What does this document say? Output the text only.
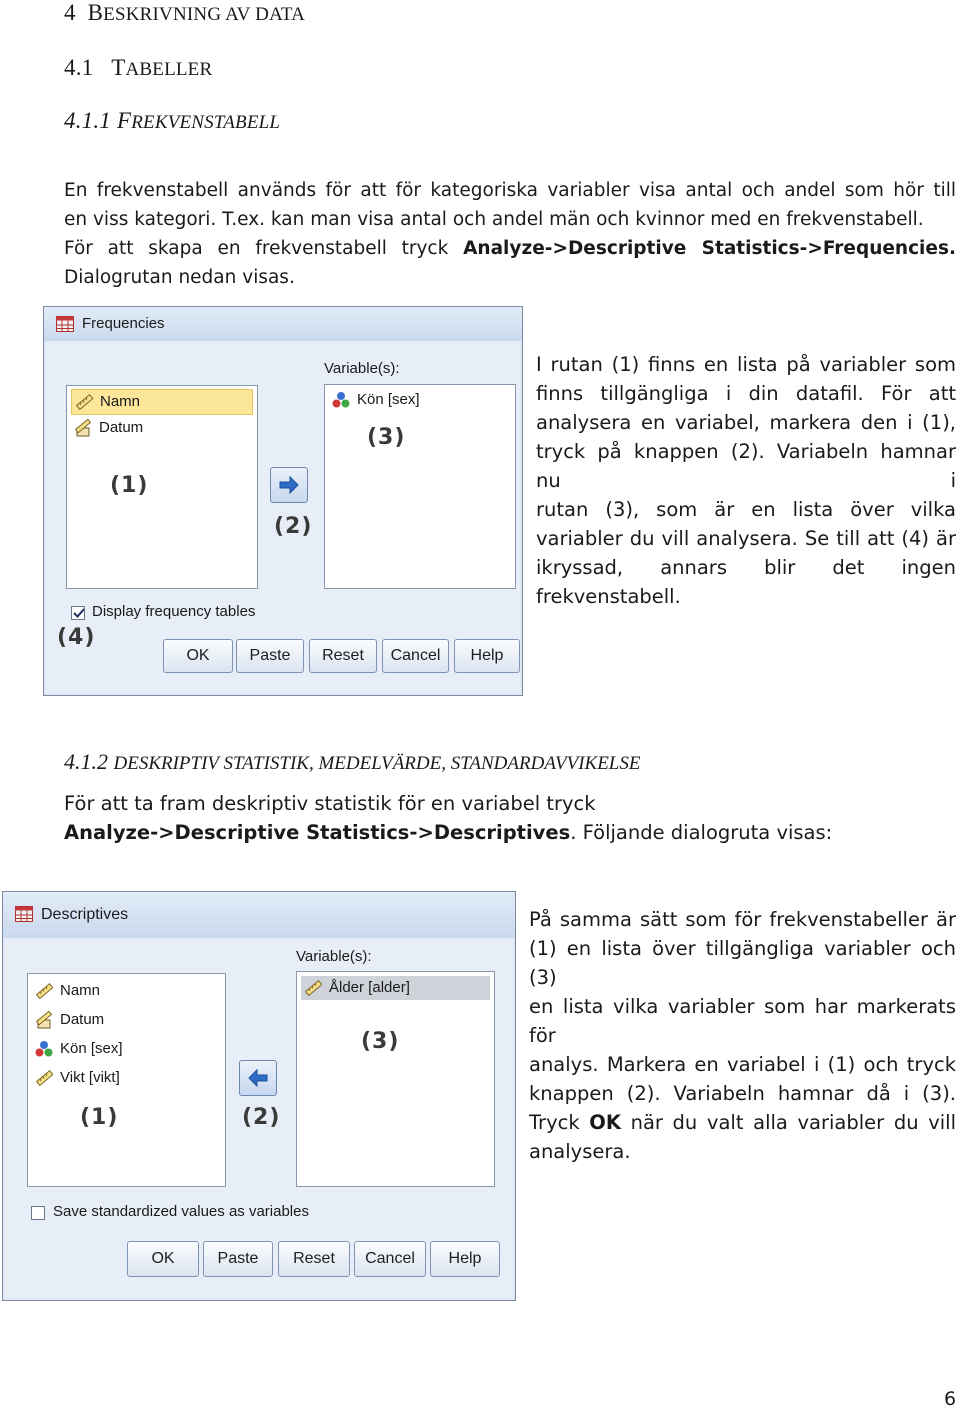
4 BESKRIVNING AV DATA
4.1 TABELLER
4.1.1 FREKVENSTABELL
En frekvenstabell används för att för kategoriska variabler visa antal och andel som hör till
en viss kategori. T.ex. kan man visa antal och andel män och kvinnor med en frekvenstabell.
För att skapa en frekvenstabell tryck Analyze->Descriptive Statistics->Frequencies.
Dialogrutan nedan visas.
Frequencies
Namn
Datum
(1)
(2)
Variable(s):
Kön [sex]
(3)
Display frequency tables
(4)
OK	Paste	Reset	Cancel	Help
I rutan (1) finns en lista på variabler som
finns tillgängliga i din datafil. För att
analysera en variabel, markera den i (1),
tryck på knappen (2). Variabeln hamnar nu i
rutan (3), som är en lista över vilka
variabler du vill analysera. Se till att (4) är
ikryssad, annars blir det ingen
frekvenstabell.
4.1.2 DESKRIPTIV STATISTIK, MEDELVÄRDE, STANDARDAVVIKELSE
För att ta fram deskriptiv statistik för en variabel tryck
Analyze->Descriptive Statistics->Descriptives. Följande dialogruta visas:
Descriptives
Namn
Datum
Kön [sex]
Vikt [vikt]
(1)	(2)
Variable(s):
Ålder [alder]
(3)
Save standardized values as variables
OK	Paste	Reset	Cancel	Help
På samma sätt som för frekvenstabeller är
(1) en lista över tillgängliga variabler och (3)
en lista vilka variabler som har markerats för
analys. Markera en variabel i (1) och tryck
knappen (2). Variabeln hamnar då i (3).
Tryck OK när du valt alla variabler du vill
analysera.
6
